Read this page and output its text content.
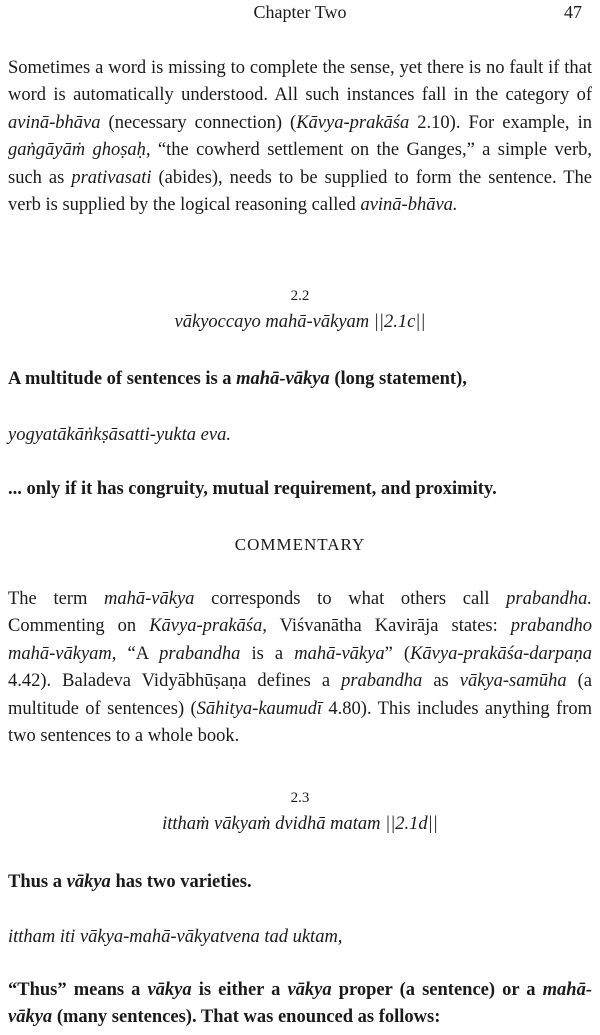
Chapter Two	47
Sometimes a word is missing to complete the sense, yet there is no fault if that word is automatically understood. All such instances fall in the category of avinā-bhāva (necessary connection) (Kāvya-prakāśa 2.10). For example, in gaṅgāyāṁ ghoṣaḥ, “the cowherd settlement on the Ganges,” a simple verb, such as prativasati (abides), needs to be supplied to form the sentence. The verb is supplied by the logical reasoning called avinā-bhāva.
2.2
vākyoccayo mahā-vākyam ||2.1c||
A multitude of sentences is a mahā-vākya (long statement),
yogyatākāṅkṣāsatti-yukta eva.
... only if it has congruity, mutual requirement, and proximity.
COMMENTARY
The term mahā-vākya corresponds to what others call prabandha. Commenting on Kāvya-prakāśa, Viśvanātha Kavirāja states: prabandho mahā-vākyam, “A prabandha is a mahā-vākya” (Kāvya-prakāśa-darpaṇa 4.42). Baladeva Vidyābhūṣaṇa defines a prabandha as vākya-samūha (a multitude of sentences) (Sāhitya-kaumudī 4.80). This includes anything from two sentences to a whole book.
2.3
itthaṁ vākyaṁ dvidhā matam ||2.1d||
Thus a vākya has two varieties.
ittham iti vākya-mahā-vākyatvena tad uktam,
“Thus” means a vākya is either a vākya proper (a sentence) or a mahā-vākya (many sentences). That was enounced as follows:
